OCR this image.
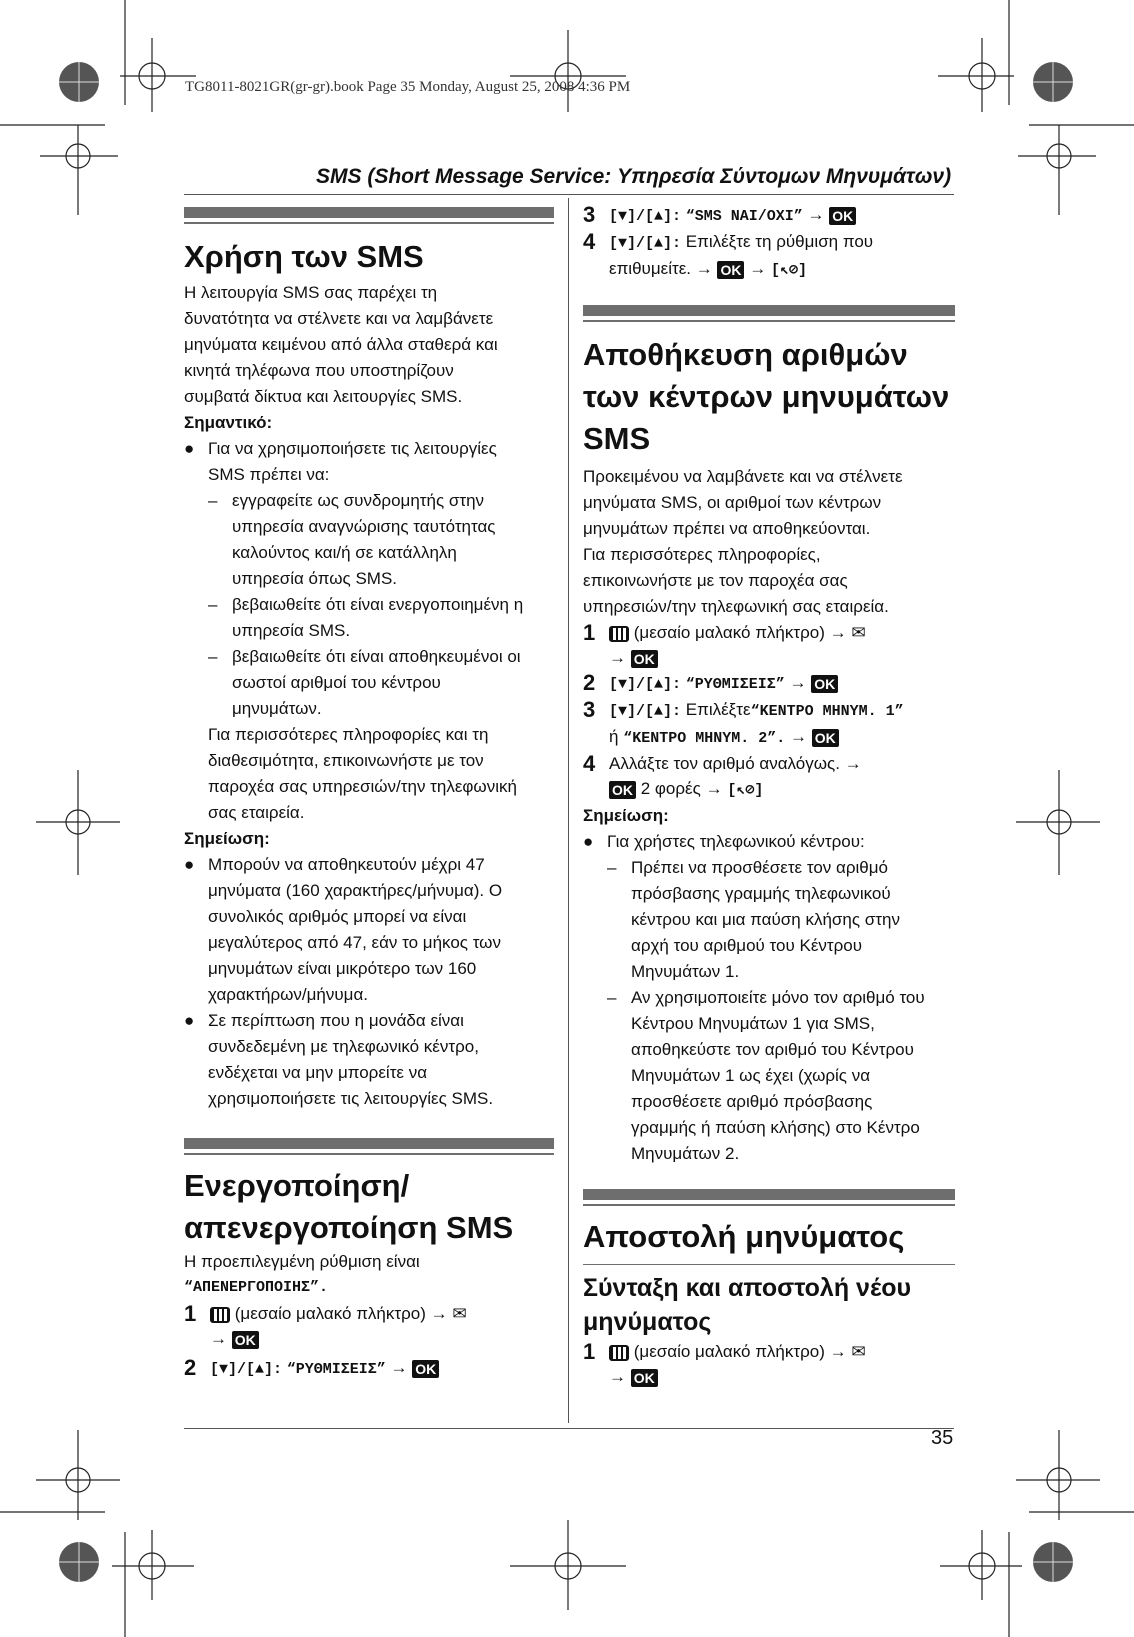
TG8011-8021GR(gr-gr).book Page 35 Monday, August 25, 2008 4:36 PM
SMS (Short Message Service: Υπηρεσία Σύντομων Μηνυμάτων)
35
Χρήση των SMS

Η λειτουργία SMS σας παρέχει τη

δυνατότητα να στέλνετε και να λαμβάνετε

μηνύματα κειμένου από άλλα σταθερά και

κινητά τηλέφωνα που υποστηρίζουν

συμβατά δίκτυα και λειτουργίες SMS.

Σημαντικό:

● Για να χρησιμοποιήσετε τις λειτουργίες

SMS πρέπει να:

– εγγραφείτε ως συνδρομητής στην

υπηρεσία αναγνώρισης ταυτότητας

καλούντος και/ή σε κατάλληλη

υπηρεσία όπως SMS.

– βεβαιωθείτε ότι είναι ενεργοποιημένη η

υπηρεσία SMS.

– βεβαιωθείτε ότι είναι αποθηκευμένοι οι

σωστοί αριθμοί του κέντρου

μηνυμάτων.

Για περισσότερες πληροφορίες και τη

διαθεσιμότητα, επικοινωνήστε με τον

παροχέα σας υπηρεσιών/την τηλεφωνική

σας εταιρεία.

Σημείωση:

● Μπορούν να αποθηκευτούν μέχρι 47

μηνύματα (160 χαρακτήρες/μήνυμα). Ο

συνολικός αριθμός μπορεί να είναι

μεγαλύτερος από 47, εάν το μήκος των

μηνυμάτων είναι μικρότερο των 160

χαρακτήρων/μήνυμα.

● Σε περίπτωση που η μονάδα είναι

συνδεδεμένη με τηλεφωνικό κέντρο,

ενδέχεται να μην μπορείτε να

χρησιμοποιήσετε τις λειτουργίες SMS.

Ενεργοποίηση/
απενεργοποίηση SMS

Η προεπιλεγμένη ρύθμιση είναι

“ΑΠΕΝΕΡΓΟΠΟΙΗΣ”.

1	(μεσαίο μαλακό πλήκτρο) → ✉
→ OK
2 [▼]/[▲]: “ΡΥΘΜΙΣΕΙΣ” → OK
3 [▼]/[▲]: “SMS ΝΑΙ/ΟΧΙ” → OK
4 [▼]/[▲]: Επιλέξτε τη ρύθμιση που
επιθυμείτε. → OK → [↖⊘]
Αποθήκευση αριθμών
των κέντρων μηνυμάτων
SMS

Προκειμένου να λαμβάνετε και να στέλνετε

μηνύματα SMS, οι αριθμοί των κέντρων

μηνυμάτων πρέπει να αποθηκεύονται.

Για περισσότερες πληροφορίες,

επικοινωνήστε με τον παροχέα σας

υπηρεσιών/την τηλεφωνική σας εταιρεία.

1	(μεσαίο μαλακό πλήκτρο) → ✉
→ OK
2 [▼]/[▲]: “ΡΥΘΜΙΣΕΙΣ” → OK
3 [▼]/[▲]: Επιλέξτε“ΚΕΝΤΡΟ ΜΗΝΥΜ. 1”
ή “ΚΕΝΤΡΟ ΜΗΝΥΜ. 2”. → OK
4 Αλλάξτε τον αριθμό αναλόγως. →
OK 2 φορές → [↖⊘]

Σημείωση:

● Για χρήστες τηλεφωνικού κέντρου:

– Πρέπει να προσθέσετε τον αριθμό

πρόσβασης γραμμής τηλεφωνικού

κέντρου και μια παύση κλήσης στην

αρχή του αριθμού του Κέντρου

Μηνυμάτων 1.

– Αν χρησιμοποιείτε μόνο τον αριθμό του

Κέντρου Μηνυμάτων 1 για SMS,

αποθηκεύστε τον αριθμό του Κέντρου

Μηνυμάτων 1 ως έχει (χωρίς να

προσθέσετε αριθμό πρόσβασης

γραμμής ή παύση κλήσης) στο Κέντρο

Μηνυμάτων 2.

Αποστολή μηνύματος
Σύνταξη και αποστολή νέου
μηνύματος
1	(μεσαίο μαλακό πλήκτρο) → ✉
→ OK
